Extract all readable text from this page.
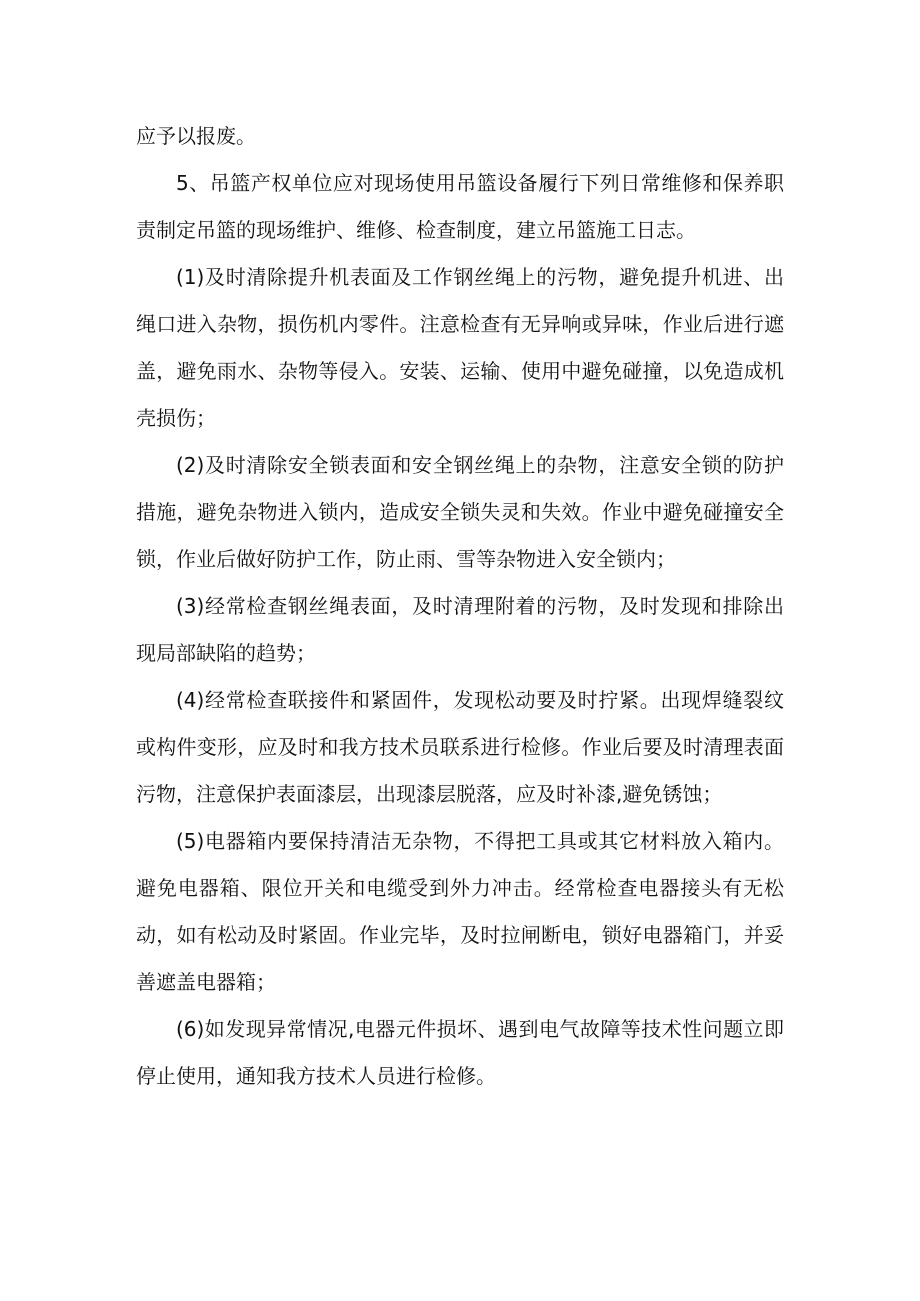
应予以报废。

5、吊篮产权单位应对现场使用吊篮设备履行下列日常维修和保养职责制定吊篮的现场维护、维修、检查制度，建立吊篮施工日志。

(1)及时清除提升机表面及工作钢丝绳上的污物，避免提升机进、出绳口进入杂物，损伤机内零件。注意检查有无异响或异味，作业后进行遮盖，避免雨水、杂物等侵入。安装、运输、使用中避免碰撞，以免造成机壳损伤；

(2)及时清除安全锁表面和安全钢丝绳上的杂物，注意安全锁的防护措施，避免杂物进入锁内，造成安全锁失灵和失效。作业中避免碰撞安全锁，作业后做好防护工作，防止雨、雪等杂物进入安全锁内；

(3)经常检查钢丝绳表面，及时清理附着的污物，及时发现和排除出现局部缺陷的趋势；

(4)经常检查联接件和紧固件，发现松动要及时拧紧。出现焊缝裂纹或构件变形，应及时和我方技术员联系进行检修。作业后要及时清理表面污物，注意保护表面漆层，出现漆层脱落，应及时补漆,避免锈蚀；

(5)电器箱内要保持清洁无杂物，不得把工具或其它材料放入箱内。避免电器箱、限位开关和电缆受到外力冲击。经常检查电器接头有无松动，如有松动及时紧固。作业完毕，及时拉闸断电，锁好电器箱门，并妥善遮盖电器箱；

(6)如发现异常情况,电器元件损坏、遇到电气故障等技术性问题立即停止使用，通知我方技术人员进行检修。
